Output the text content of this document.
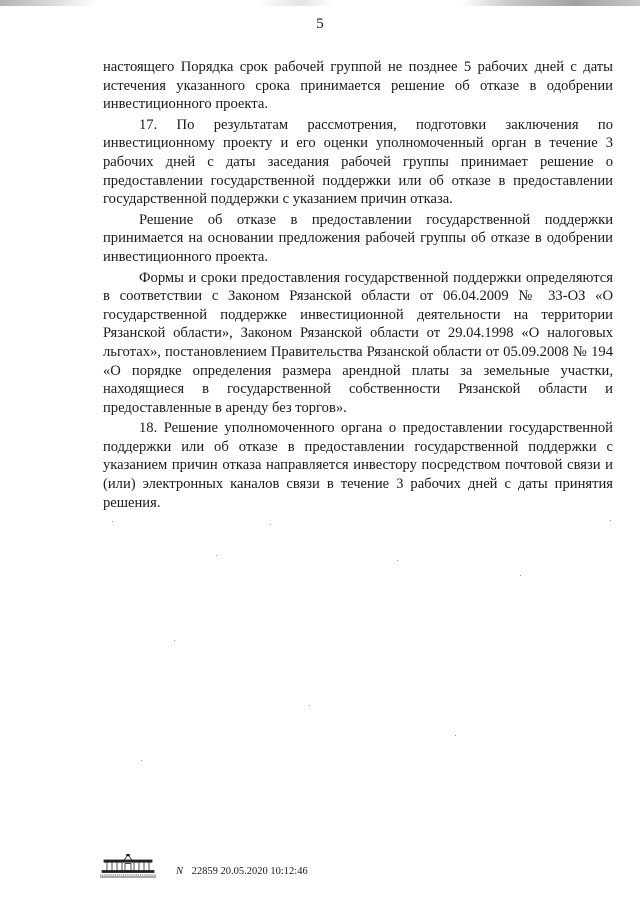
5

настоящего Порядка срок рабочей группой не позднее 5 рабочих дней с даты истечения указанного срока принимается решение об отказе в одобрении инвестиционного проекта.

17. По результатам рассмотрения, подготовки заключения по инвестиционному проекту и его оценки уполномоченный орган в течение 3 рабочих дней с даты заседания рабочей группы принимает решение о предоставлении государственной поддержки или об отказе в предоставлении государственной поддержки с указанием причин отказа.

Решение об отказе в предоставлении государственной поддержки принимается на основании предложения рабочей группы об отказе в одобрении инвестиционного проекта.

Формы и сроки предоставления государственной поддержки определяются в соответствии с Законом Рязанской области от 06.04.2009 № 33-ОЗ «О государственной поддержке инвестиционной деятельности на территории Рязанской области», Законом Рязанской области от 29.04.1998 «О налоговых льготах», постановлением Правительства Рязанской области от 05.09.2008 № 194 «О порядке определения размера арендной платы за земельные участки, находящиеся в государственной собственности Рязанской области и предоставленные в аренду без торгов».

18. Решение уполномоченного органа о предоставлении государственной поддержки или об отказе в предоставлении государственной поддержки с указанием причин отказа направляется инвестору посредством почтовой связи и (или) электронных каналов связи в течение 3 рабочих дней с даты принятия решения.

N 22859 20.05.2020 10:12:46
